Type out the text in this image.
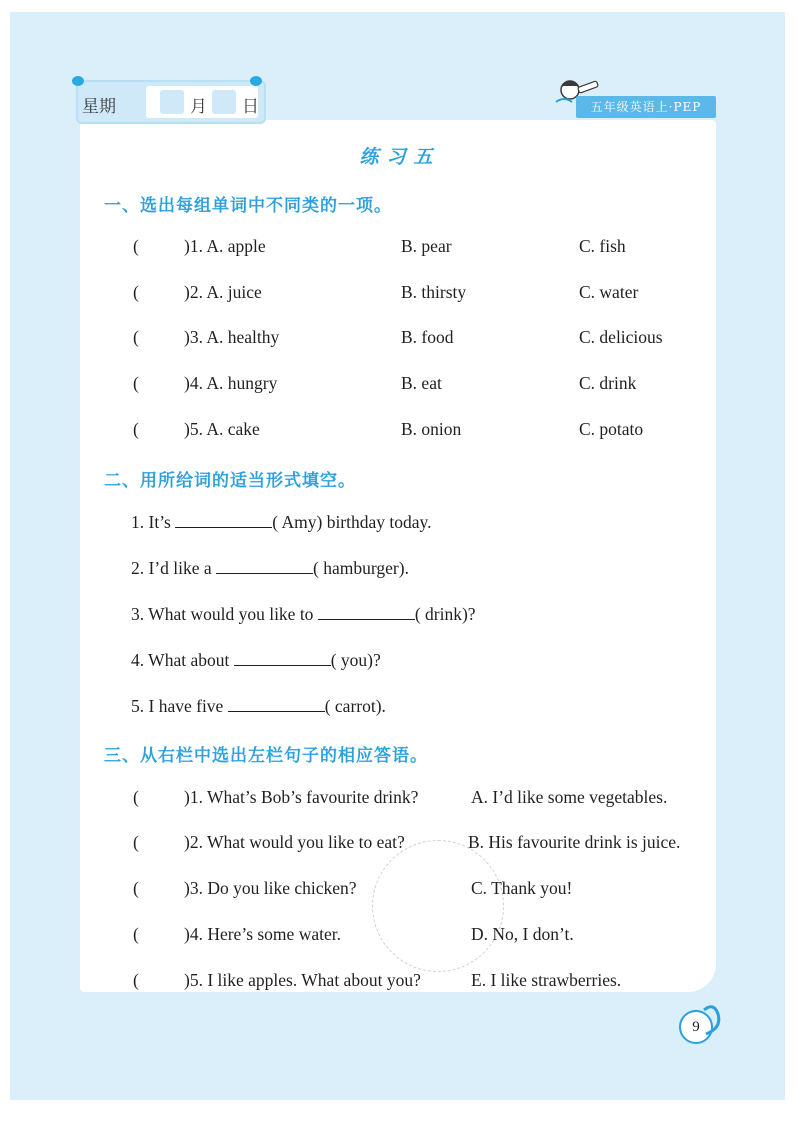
星期	月 日	五年级英语上·PEP
练习五
一、选出每组单词中不同类的一项。
(	)1. A. apple	B. pear	C. fish
(	)2. A. juice	B. thirsty	C. water
(	)3. A. healthy	B. food	C. delicious
(	)4. A. hungry	B. eat	C. drink
(	)5. A. cake	B. onion	C. potato
二、用所给词的适当形式填空。
1. It’s	( Amy) birthday today.
2. I’d like a	( hamburger).
3. What would you like to	( drink)?
4. What about	( you)?
5. I have five	( carrot).
三、从右栏中选出左栏句子的相应答语。
(	)1. What’s Bob’s favourite drink?	A. I’d like some vegetables.
(	)2. What would you like to eat?	B. His favourite drink is juice.
(	)3. Do you like chicken?	C. Thank you!
(	)4. Here’s some water.	D. No, I don’t.
(	)5. I like apples. What about you?	E. I like strawberries.
9
